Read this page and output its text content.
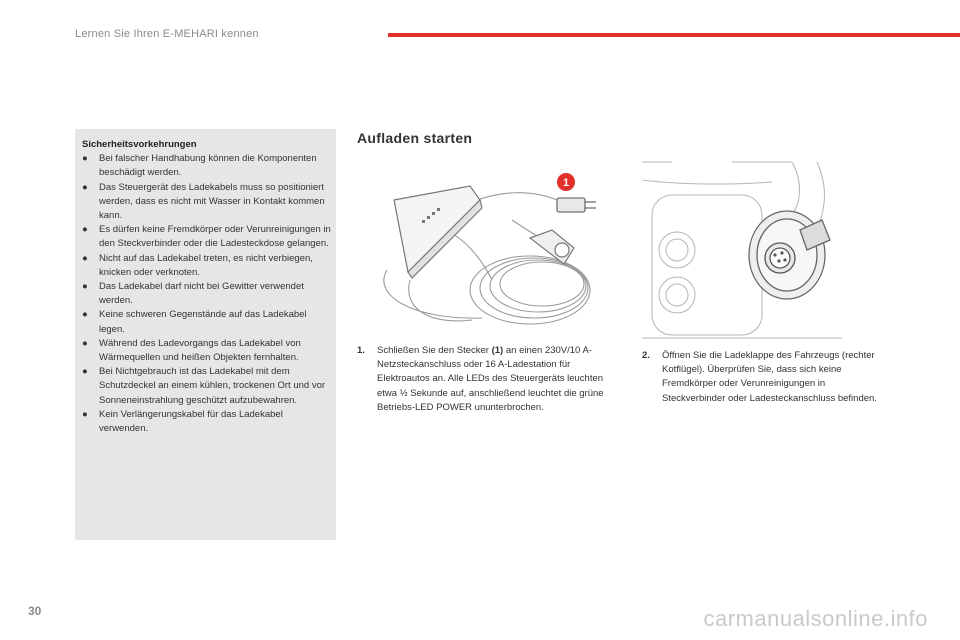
Lernen Sie Ihren E-MEHARI kennen
Sicherheitsvorkehrungen
● Bei falscher Handhabung können die Komponenten beschädigt werden.
● Das Steuergerät des Ladekabels muss so positioniert werden, dass es nicht mit Wasser in Kontakt kommen kann.
● Es dürfen keine Fremdkörper oder Verunreinigungen in den Steckverbinder oder die Ladesteckdose gelangen.
● Nicht auf das Ladekabel treten, es nicht verbiegen, knicken oder verknoten.
● Das Ladekabel darf nicht bei Gewitter verwendet werden.
● Keine schweren Gegenstände auf das Ladekabel legen.
● Während des Ladevorgangs das Ladekabel von Wärmequellen und heißen Objekten fernhalten.
● Bei Nichtgebrauch ist das Ladekabel mit dem Schutzdeckel an einem kühlen, trockenen Ort und vor Sonneneinstrahlung geschützt aufzubewahren.
● Kein Verlängerungskabel für das Ladekabel verwenden.
Aufladen starten
1
1.	Schließen Sie den Stecker (1) an einen 230V/10 A-Netzsteckanschluss oder 16 A-Ladestation für Elektroautos an. Alle LEDs des Steuergeräts leuchten etwa ½ Sekunde auf, anschließend leuchtet die grüne Betriebs-LED POWER ununterbrochen.
2.	Öffnen Sie die Ladeklappe des Fahrzeugs (rechter Kotflügel). Überprüfen Sie, dass sich keine Fremdkörper oder Verunreinigungen in Steckverbinder oder Ladesteckanschluss befinden.
30	carmanualsonline.info
